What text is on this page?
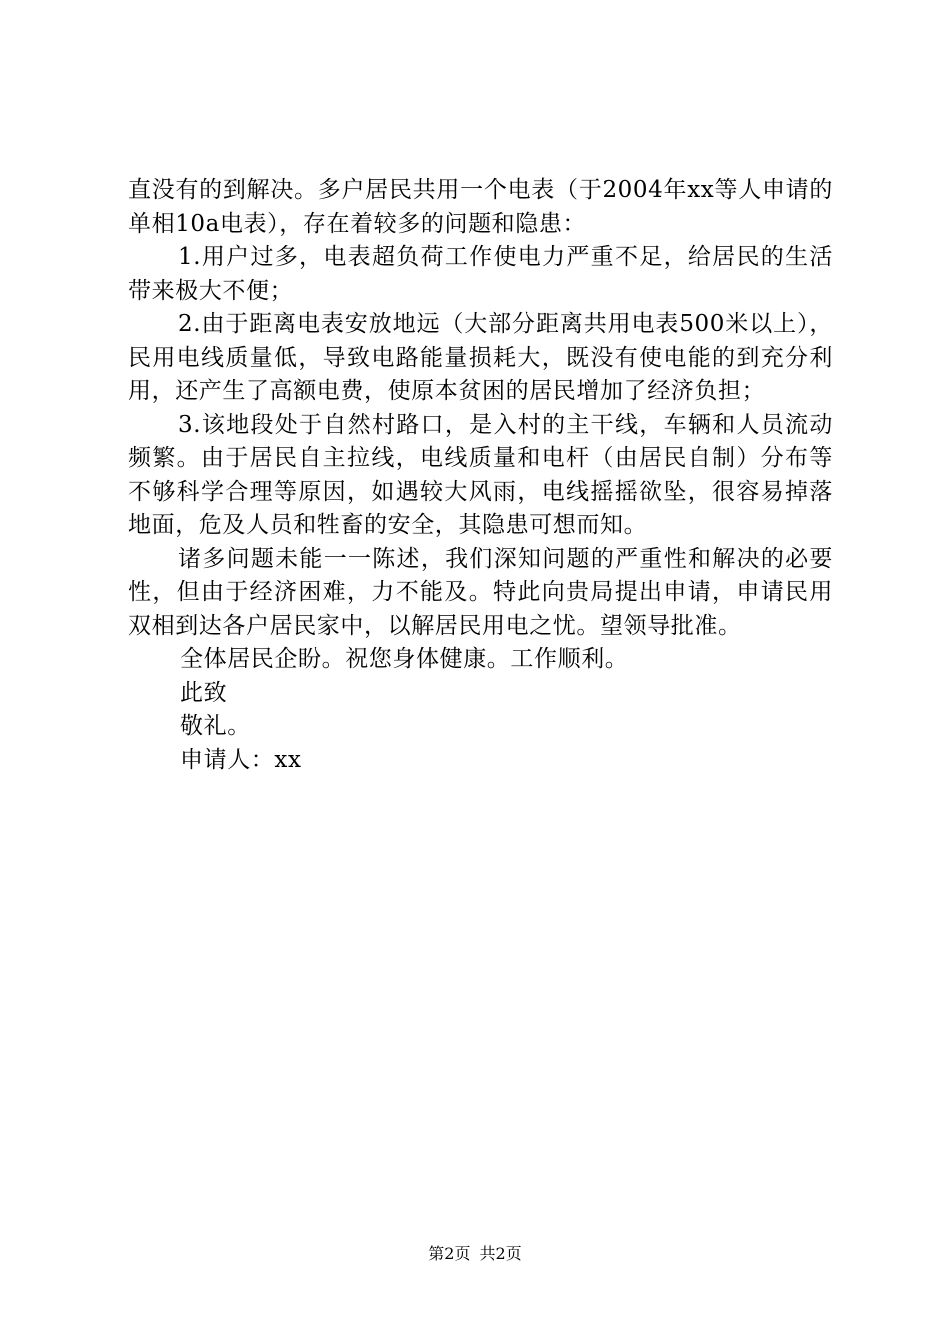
直没有的到解决。多户居民共用一个电表（于2004年xx等人申请的单相10a电表），存在着较多的问题和隐患：

1.用户过多，电表超负荷工作使电力严重不足，给居民的生活带来极大不便；

2.由于距离电表安放地远（大部分距离共用电表500米以上），民用电线质量低，导致电路能量损耗大，既没有使电能的到充分利用，还产生了高额电费，使原本贫困的居民增加了经济负担；

3.该地段处于自然村路口，是入村的主干线，车辆和人员流动频繁。由于居民自主拉线，电线质量和电杆（由居民自制）分布等不够科学合理等原因，如遇较大风雨，电线摇摇欲坠，很容易掉落地面，危及人员和牲畜的安全，其隐患可想而知。

诸多问题未能一一陈述，我们深知问题的严重性和解决的必要性，但由于经济困难，力不能及。特此向贵局提出申请，申请民用双相到达各户居民家中，以解居民用电之忧。望领导批准。

全体居民企盼。祝您身体健康。工作顺利。

此致

敬礼。

申请人：xx

第2页 共2页
